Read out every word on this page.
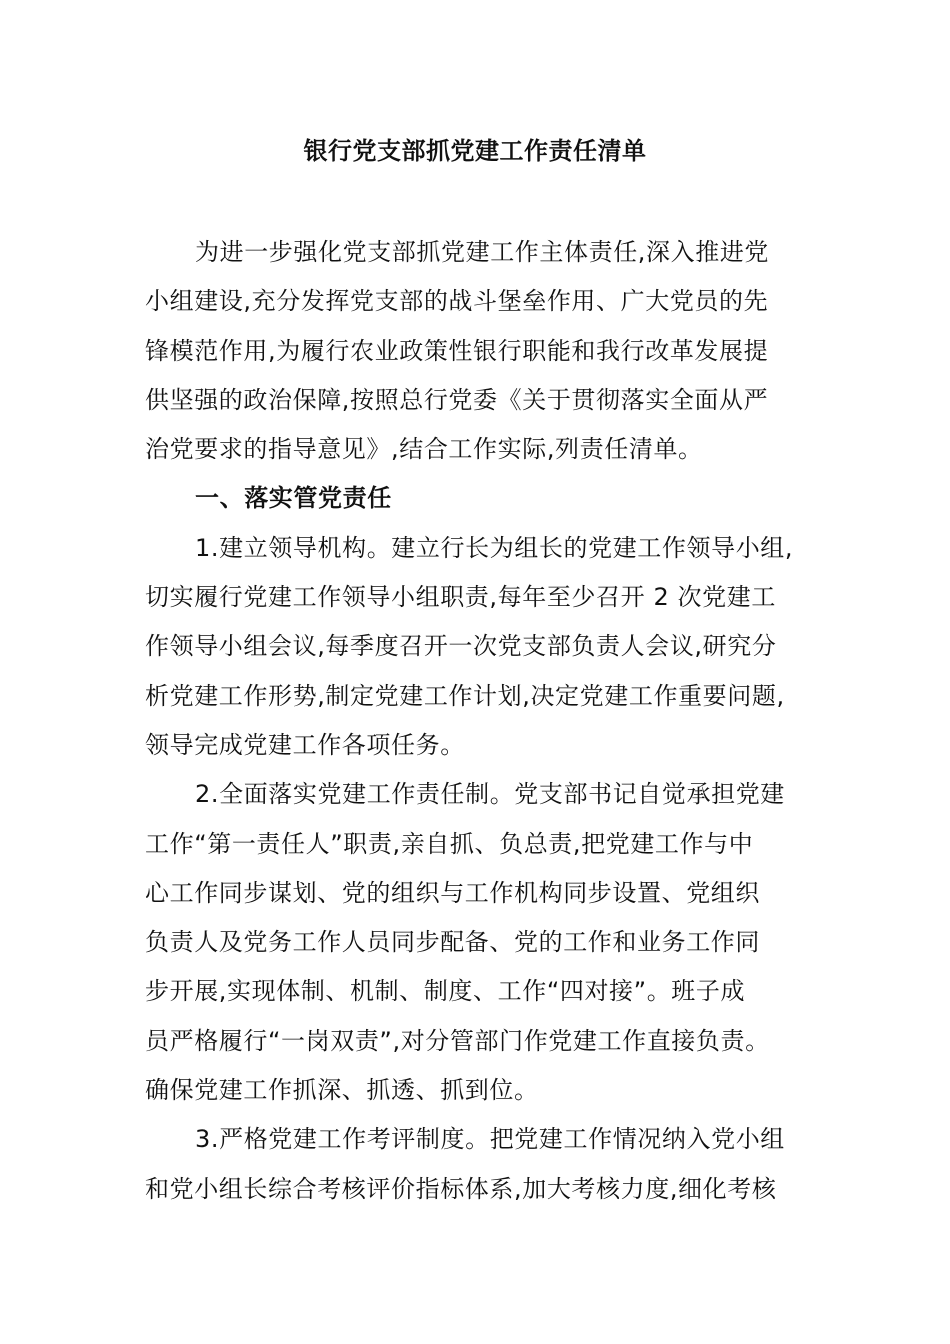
银行党支部抓党建工作责任清单
为进一步强化党支部抓党建工作主体责任,深入推进党
小组建设,充分发挥党支部的战斗堡垒作用、广大党员的先
锋模范作用,为履行农业政策性银行职能和我行改革发展提
供坚强的政治保障,按照总行党委《关于贯彻落实全面从严
治党要求的指导意见》,结合工作实际,列责任清单。
一、落实管党责任
1.建立领导机构。建立行长为组长的党建工作领导小组,
切实履行党建工作领导小组职责,每年至少召开 2 次党建工
作领导小组会议,每季度召开一次党支部负责人会议,研究分
析党建工作形势,制定党建工作计划,决定党建工作重要问题,
领导完成党建工作各项任务。
2.全面落实党建工作责任制。党支部书记自觉承担党建
工作“第一责任人”职责,亲自抓、负总责,把党建工作与中
心工作同步谋划、党的组织与工作机构同步设置、党组织
负责人及党务工作人员同步配备、党的工作和业务工作同
步开展,实现体制、机制、制度、工作“四对接”。班子成
员严格履行“一岗双责”,对分管部门作党建工作直接负责。
确保党建工作抓深、抓透、抓到位。
3.严格党建工作考评制度。把党建工作情况纳入党小组
和党小组长综合考核评价指标体系,加大考核力度,细化考核
